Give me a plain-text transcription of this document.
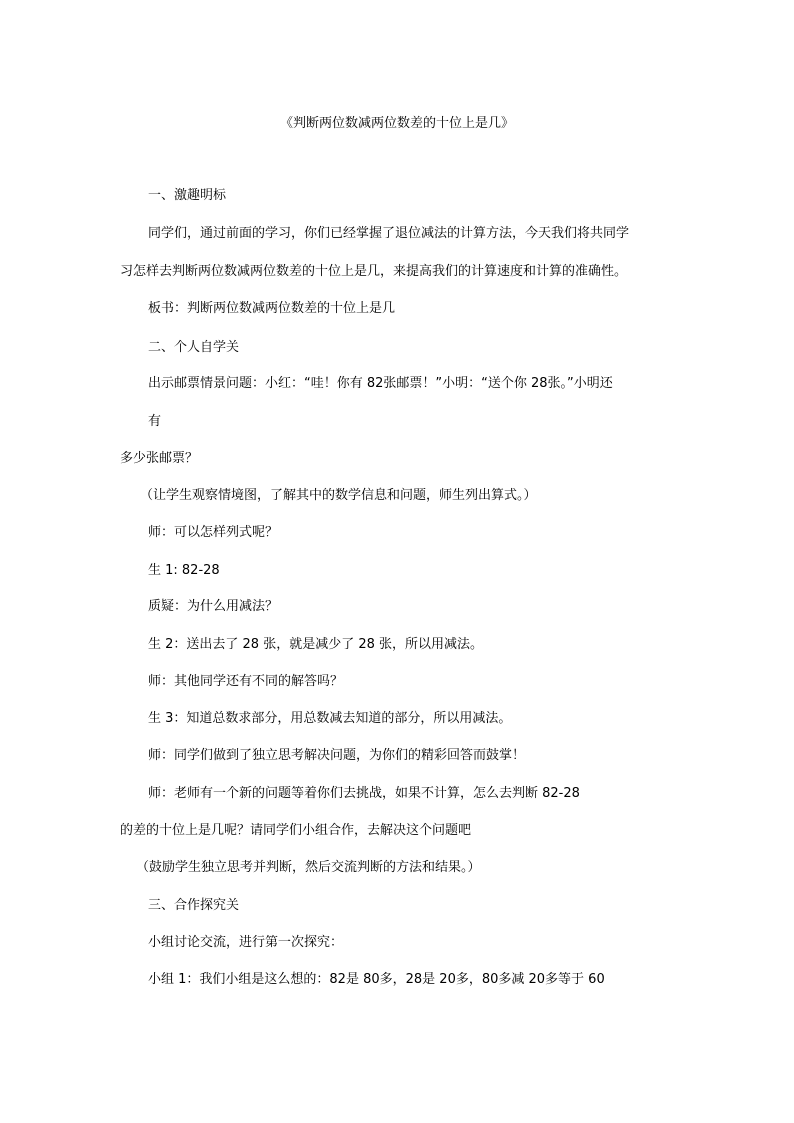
《判断两位数减两位数差的十位上是几》
一、激趣明标
同学们，通过前面的学习，你们已经掌握了退位减法的计算方法，今天我们将共同学
习怎样去判断两位数减两位数差的十位上是几，来提高我们的计算速度和计算的准确性。
板书：判断两位数减两位数差的十位上是几
二、个人自学关
出示邮票情景问题：小红：“哇！你有 82张邮票！”小明：“送个你 28张。”小明还
有
多少张邮票？
（让学生观察情境图，了解其中的数学信息和问题，师生列出算式。）
师：可以怎样列式呢？
生 1: 82-28
质疑：为什么用减法？
生 2：送出去了 28 张，就是减少了 28 张，所以用减法。
师：其他同学还有不同的解答吗？
生 3：知道总数求部分，用总数减去知道的部分，所以用减法。
师：同学们做到了独立思考解决问题，为你们的精彩回答而鼓掌！
师：老师有一个新的问题等着你们去挑战，如果不计算，怎么去判断 82-28
的差的十位上是几呢？请同学们小组合作，去解决这个问题吧
（鼓励学生独立思考并判断，然后交流判断的方法和结果。）
三、合作探究关
小组讨论交流，进行第一次探究：
小组 1：我们小组是这么想的：82是 80多，28是 20多，80多减 20多等于 60
